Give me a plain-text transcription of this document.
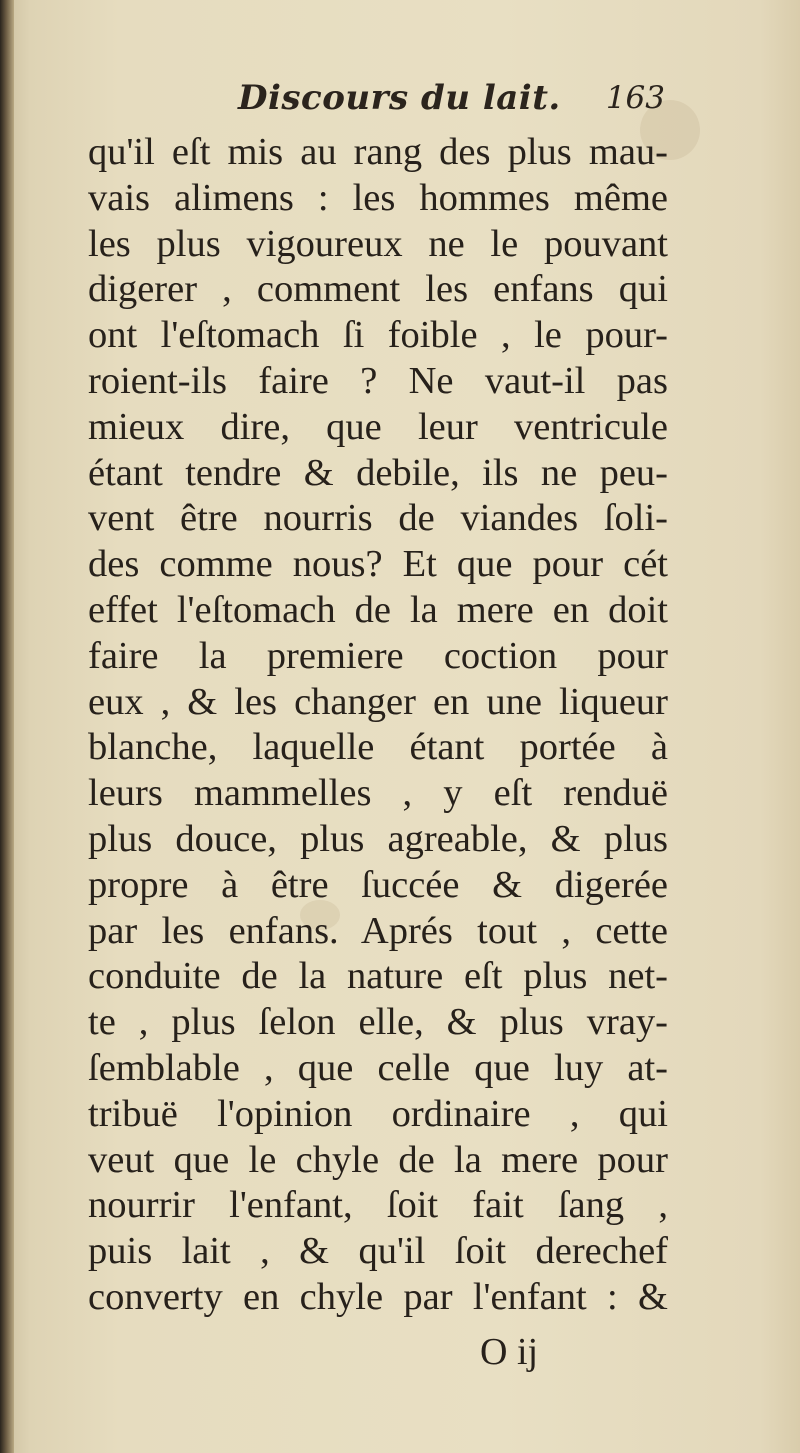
Discours du lait. 163
qu'il eſt mis au rang des plus mau-
vais alimens : les hommes même
les plus vigoureux ne le pouvant
digerer , comment les enfans qui
ont l'eſtomach ſi foible , le pour-
roient-ils faire ? Ne vaut-il pas
mieux dire, que leur ventricule
étant tendre & debile, ils ne peu-
vent être nourris de viandes ſoli-
des comme nous? Et que pour cét
effet l'eſtomach de la mere en doit
faire la premiere coction pour
eux , & les changer en une liqueur
blanche, laquelle étant portée à
leurs mammelles , y eſt renduë
plus douce, plus agreable, & plus
propre à être ſuccée & digerée
par les enfans. Aprés tout , cette
conduite de la nature eſt plus net-
te , plus ſelon elle, & plus vray-
ſemblable , que celle que luy at-
tribuë l'opinion ordinaire , qui
veut que le chyle de la mere pour
nourrir l'enfant, ſoit fait ſang ,
puis lait , & qu'il ſoit derechef
converty en chyle par l'enfant : &
O ij
